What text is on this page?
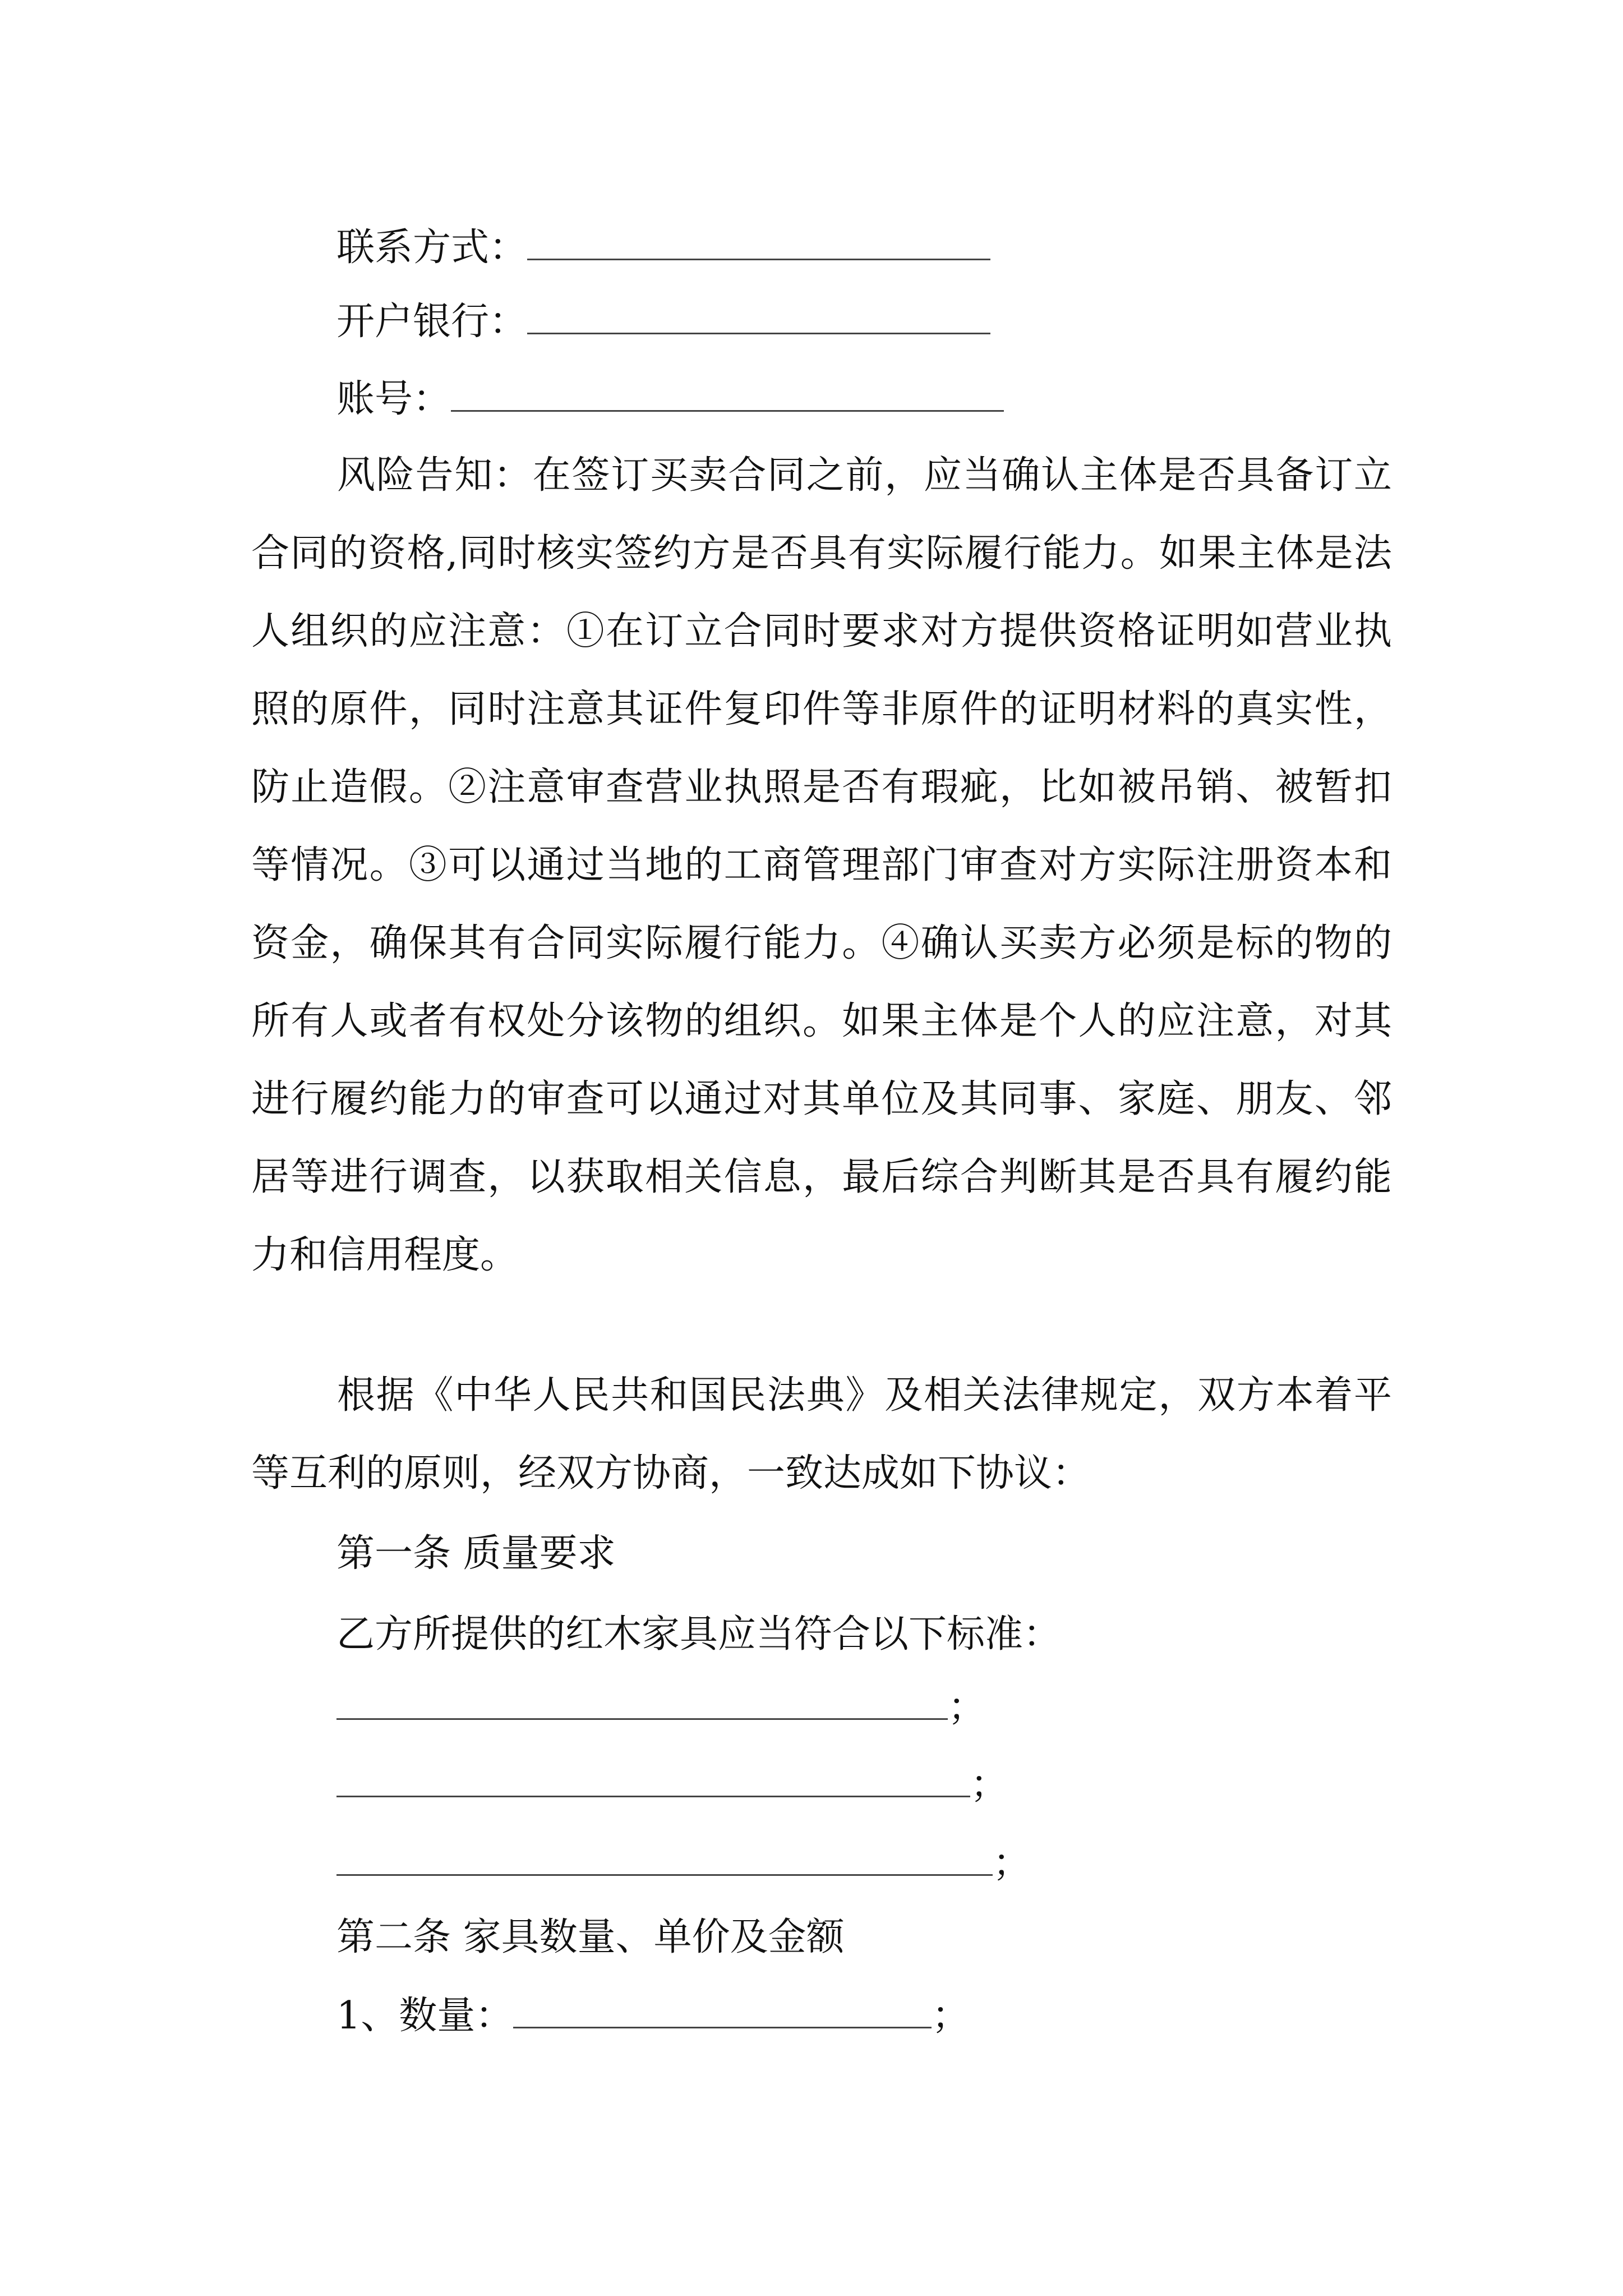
联系方式：
开户银行：
账号：

风险告知：在签订买卖合同之前，应当确认主体是否具备订立合同的资格,同时核实签约方是否具有实际履行能力。如果主体是法人组织的应注意：①在订立合同时要求对方提供资格证明如营业执照的原件，同时注意其证件复印件等非原件的证明材料的真实性，防止造假。②注意审查营业执照是否有瑕疵，比如被吊销、被暂扣等情况。③可以通过当地的工商管理部门审查对方实际注册资本和资金，确保其有合同实际履行能力。④确认买卖方必须是标的物的所有人或者有权处分该物的组织。如果主体是个人的应注意，对其进行履约能力的审查可以通过对其单位及其同事、家庭、朋友、邻居等进行调查，以获取相关信息，最后综合判断其是否具有履约能力和信用程度。

根据《中华人民共和国民法典》及相关法律规定，双方本着平等互利的原则，经双方协商，一致达成如下协议：

第一条 质量要求
乙方所提供的红木家具应当符合以下标准：
；
；
；
第二条 家具数量、单价及金额
1、数量：	；
